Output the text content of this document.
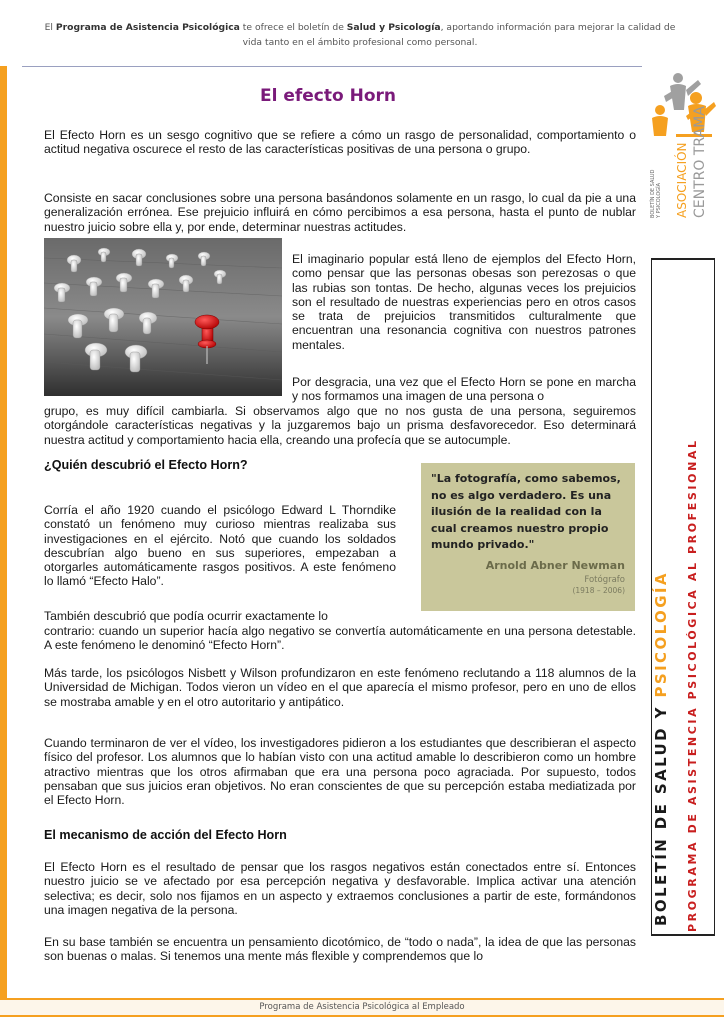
El Programa de Asistencia Psicológica te ofrece el boletín de Salud y Psicología, aportando información para mejorar la calidad de vida tanto en el ámbito profesional como personal.
BOLETÍN DE SALUD Y PSICOLOGÍA ASOCIACIÓN CENTRO TRAMA
El efecto Horn
El Efecto Horn es un sesgo cognitivo que se refiere a cómo un rasgo de personalidad, comportamiento o actitud negativa oscurece el resto de las características positivas de una persona o grupo.
Consiste en sacar conclusiones sobre una persona basándonos solamente en un rasgo, lo cual da pie a una generalización errónea. Ese prejuicio influirá en cómo percibimos a esa persona, hasta el punto de nublar nuestro juicio sobre ella y, por ende, determinar nuestras actitudes.
El imaginario popular está lleno de ejemplos del Efecto Horn, como pensar que las personas obesas son perezosas o que las rubias son tontas. De hecho, algunas veces los prejuicios son el resultado de nuestras experiencias pero en otros casos se trata de prejuicios transmitidos culturalmente que encuentran una resonancia cognitiva con nuestros patrones mentales.
Por desgracia, una vez que el Efecto Horn se pone en marcha y nos formamos una imagen de una persona o
grupo, es muy difícil cambiarla. Si observamos algo que no nos gusta de una persona, seguiremos otorgándole características negativas y la juzgaremos bajo un prisma desfavorecedor. Eso determinará nuestra actitud y comportamiento hacia ella, creando una profecía que se autocumple.
¿Quién descubrió el Efecto Horn?
Corría el año 1920 cuando el psicólogo Edward L Thorndike constató un fenómeno muy curioso mientras realizaba sus investigaciones en el ejército. Notó que cuando los soldados descubrían algo bueno en sus superiores, empezaban a otorgarles automáticamente rasgos positivos. A este fenómeno lo llamó “Efecto Halo”.
"La fotografía, como sabemos, no es algo verdadero. Es una ilusión de la realidad con la cual creamos nuestro propio mundo privado."
Arnold Abner Newman
Fotógrafo
(1918 – 2006)
También descubrió que podía ocurrir exactamente lo
contrario: cuando un superior hacía algo negativo se convertía automáticamente en una persona detestable. A este fenómeno le denominó “Efecto Horn”.
Más tarde, los psicólogos Nisbett y Wilson profundizaron en este fenómeno reclutando a 118 alumnos de la Universidad de Michigan. Todos vieron un vídeo en el que aparecía el mismo profesor, pero en uno de ellos se mostraba amable y en el otro autoritario y antipático.
Cuando terminaron de ver el vídeo, los investigadores pidieron a los estudiantes que describieran el aspecto físico del profesor. Los alumnos que lo habían visto con una actitud amable lo describieron como un hombre atractivo mientras que los otros afirmaban que era una persona poco agraciada. Por supuesto, todos pensaban que sus juicios eran objetivos. No eran conscientes de que su percepción estaba mediatizada por el Efecto Horn.
El mecanismo de acción del Efecto Horn
El Efecto Horn es el resultado de pensar que los rasgos negativos están conectados entre sí. Entonces nuestro juicio se ve afectado por esa percepción negativa y desfavorable. Implica activar una atención selectiva; es decir, solo nos fijamos en un aspecto y extraemos conclusiones a partir de este, formándonos una imagen negativa de la persona.
En su base también se encuentra un pensamiento dicotómico, de “todo o nada”, la idea de que las personas son buenas o malas. Si tenemos una mente más flexible y comprendemos que lo
BOLETÍN DE SALUD Y PSICOLOGÍA	PROGRAMA DE ASISTENCIA PSICOLÓGICA AL PROFESIONAL
Programa de Asistencia Psicológica al Empleado
